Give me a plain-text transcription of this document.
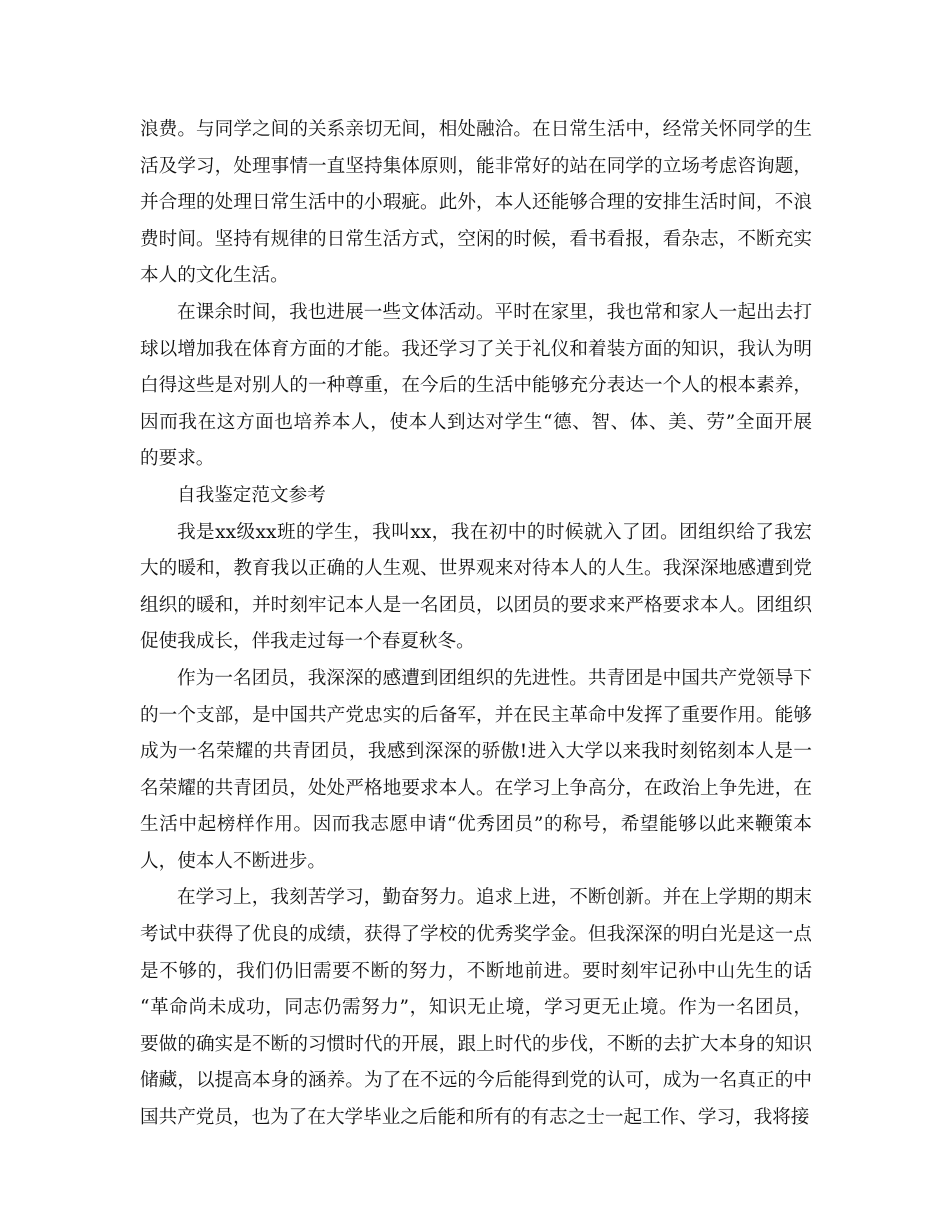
浪费。与同学之间的关系亲切无间，相处融洽。在日常生活中，经常关怀同学的生
活及学习，处理事情一直坚持集体原则，能非常好的站在同学的立场考虑咨询题，
并合理的处理日常生活中的小瑕疵。此外，本人还能够合理的安排生活时间，不浪
费时间。坚持有规律的日常生活方式，空闲的时候，看书看报，看杂志，不断充实
本人的文化生活。
在课余时间，我也进展一些文体活动。平时在家里，我也常和家人一起出去打
球以增加我在体育方面的才能。我还学习了关于礼仪和着装方面的知识，我认为明
白得这些是对别人的一种尊重，在今后的生活中能够充分表达一个人的根本素养，
因而我在这方面也培养本人，使本人到达对学生“德、智、体、美、劳”全面开展
的要求。
自我鉴定范文参考
我是xx级xx班的学生，我叫xx，我在初中的时候就入了团。团组织给了我宏
大的暖和，教育我以正确的人生观、世界观来对待本人的人生。我深深地感遭到党
组织的暖和，并时刻牢记本人是一名团员，以团员的要求来严格要求本人。团组织
促使我成长，伴我走过每一个春夏秋冬。
作为一名团员，我深深的感遭到团组织的先进性。共青团是中国共产党领导下
的一个支部，是中国共产党忠实的后备军，并在民主革命中发挥了重要作用。能够
成为一名荣耀的共青团员，我感到深深的骄傲!进入大学以来我时刻铭刻本人是一
名荣耀的共青团员，处处严格地要求本人。在学习上争高分，在政治上争先进，在
生活中起榜样作用。因而我志愿申请“优秀团员”的称号，希望能够以此来鞭策本
人，使本人不断进步。
在学习上，我刻苦学习，勤奋努力。追求上进，不断创新。并在上学期的期末
考试中获得了优良的成绩，获得了学校的优秀奖学金。但我深深的明白光是这一点
是不够的，我们仍旧需要不断的努力，不断地前进。要时刻牢记孙中山先生的话
“革命尚未成功，同志仍需努力”，知识无止境，学习更无止境。作为一名团员，
要做的确实是不断的习惯时代的开展，跟上时代的步伐，不断的去扩大本身的知识
储藏，以提高本身的涵养。为了在不远的今后能得到党的认可，成为一名真正的中
国共产党员，也为了在大学毕业之后能和所有的有志之士一起工作、学习，我将接
